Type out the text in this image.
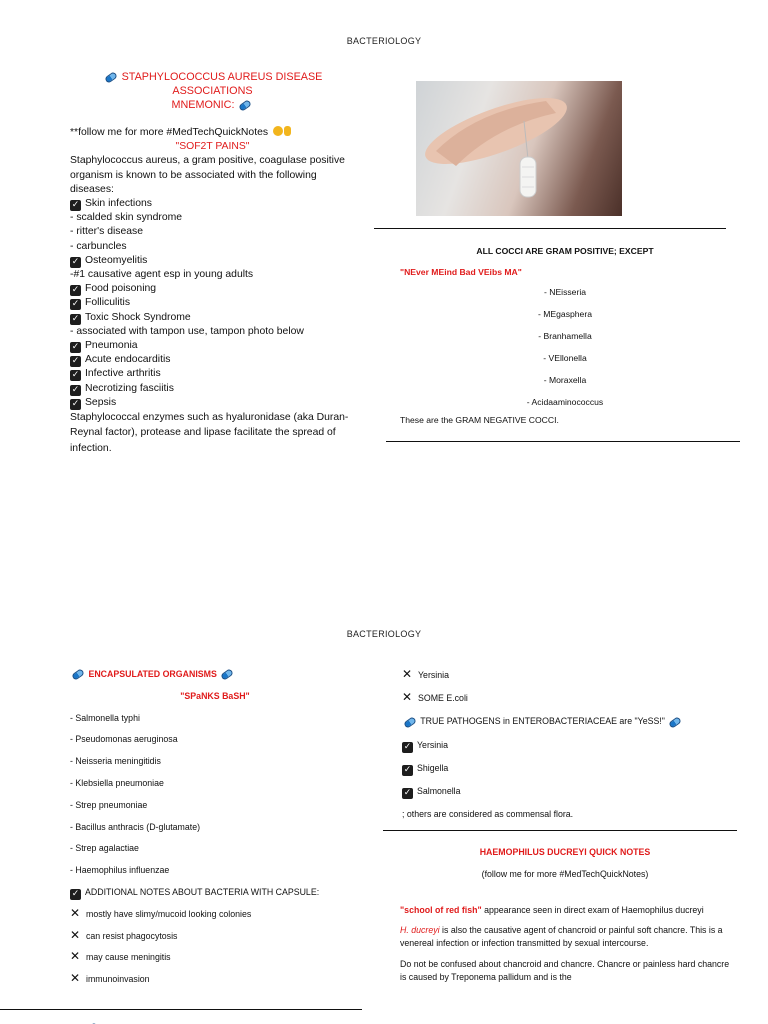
BACTERIOLOGY
STAPHYLOCOCCUS AUREUS DISEASE ASSOCIATIONS
MNEMONIC:
**follow me for more #MedTechQuickNotes
"SOF2T PAINS"
Staphylococcus aureus, a gram positive, coagulase positive organism is known to be associated with the following diseases:
✓ Skin infections
- scalded skin syndrome
- ritter's disease
- carbuncles
✓ Osteomyelitis
-#1 causative agent esp in young adults
✓ Food poisoning
✓ Folliculitis
✓ Toxic Shock Syndrome
- associated with tampon use, tampon photo below
✓ Pneumonia
✓ Acute endocarditis
✓ Infective arthritis
✓ Necrotizing fasciitis
✓ Sepsis
Staphylococcal enzymes such as hyaluronidase (aka Duran-Reynal factor), protease and lipase facilitate the spread of infection.
ALL COCCI ARE GRAM POSITIVE; EXCEPT
"NEver MEind Bad VEibs MA"
- NEisseria
- MEgasphera
- Branhamella
- VEllonella
- Moraxella
- Acidaaminococcus
These are the GRAM NEGATIVE COCCI.
BACTERIOLOGY
ENCAPSULATED ORGANISMS
"SPaNKS BaSH"
- Salmonella typhi
- Pseudomonas aeruginosa
- Neisseria meningitidis
- Klebsiella pneumoniae
- Strep pneumoniae
- Bacillus anthracis (D-glutamate)
- Strep agalactiae
- Haemophilus influenzae
✓ ADDITIONAL NOTES ABOUT BACTERIA WITH CAPSULE:
✕ mostly have slimy/mucoid looking colonies
✕ can resist phagocytosis
✕ may cause meningitis
✕ immunoinvasion
✕ Yersinia
✕ SOME E.coli
TRUE PATHOGENS in ENTEROBACTERIACEAE are "YeSS!"
✓ Yersinia
✓ Shigella
✓ Salmonella
; others are considered as commensal flora.
HAEMOPHILUS DUCREYI QUICK NOTES
(follow me for more #MedTechQuickNotes)

"school of red fish" appearance seen in direct exam of Haemophilus ducreyi

H. ducreyi is also the causative agent of chancroid or painful soft chancre. This is a venereal infection or infection transmitted by sexual intercourse.

Do not be confused about chancroid and chancre. Chancre or painless hard chancre is caused by Treponema pallidum and is the
